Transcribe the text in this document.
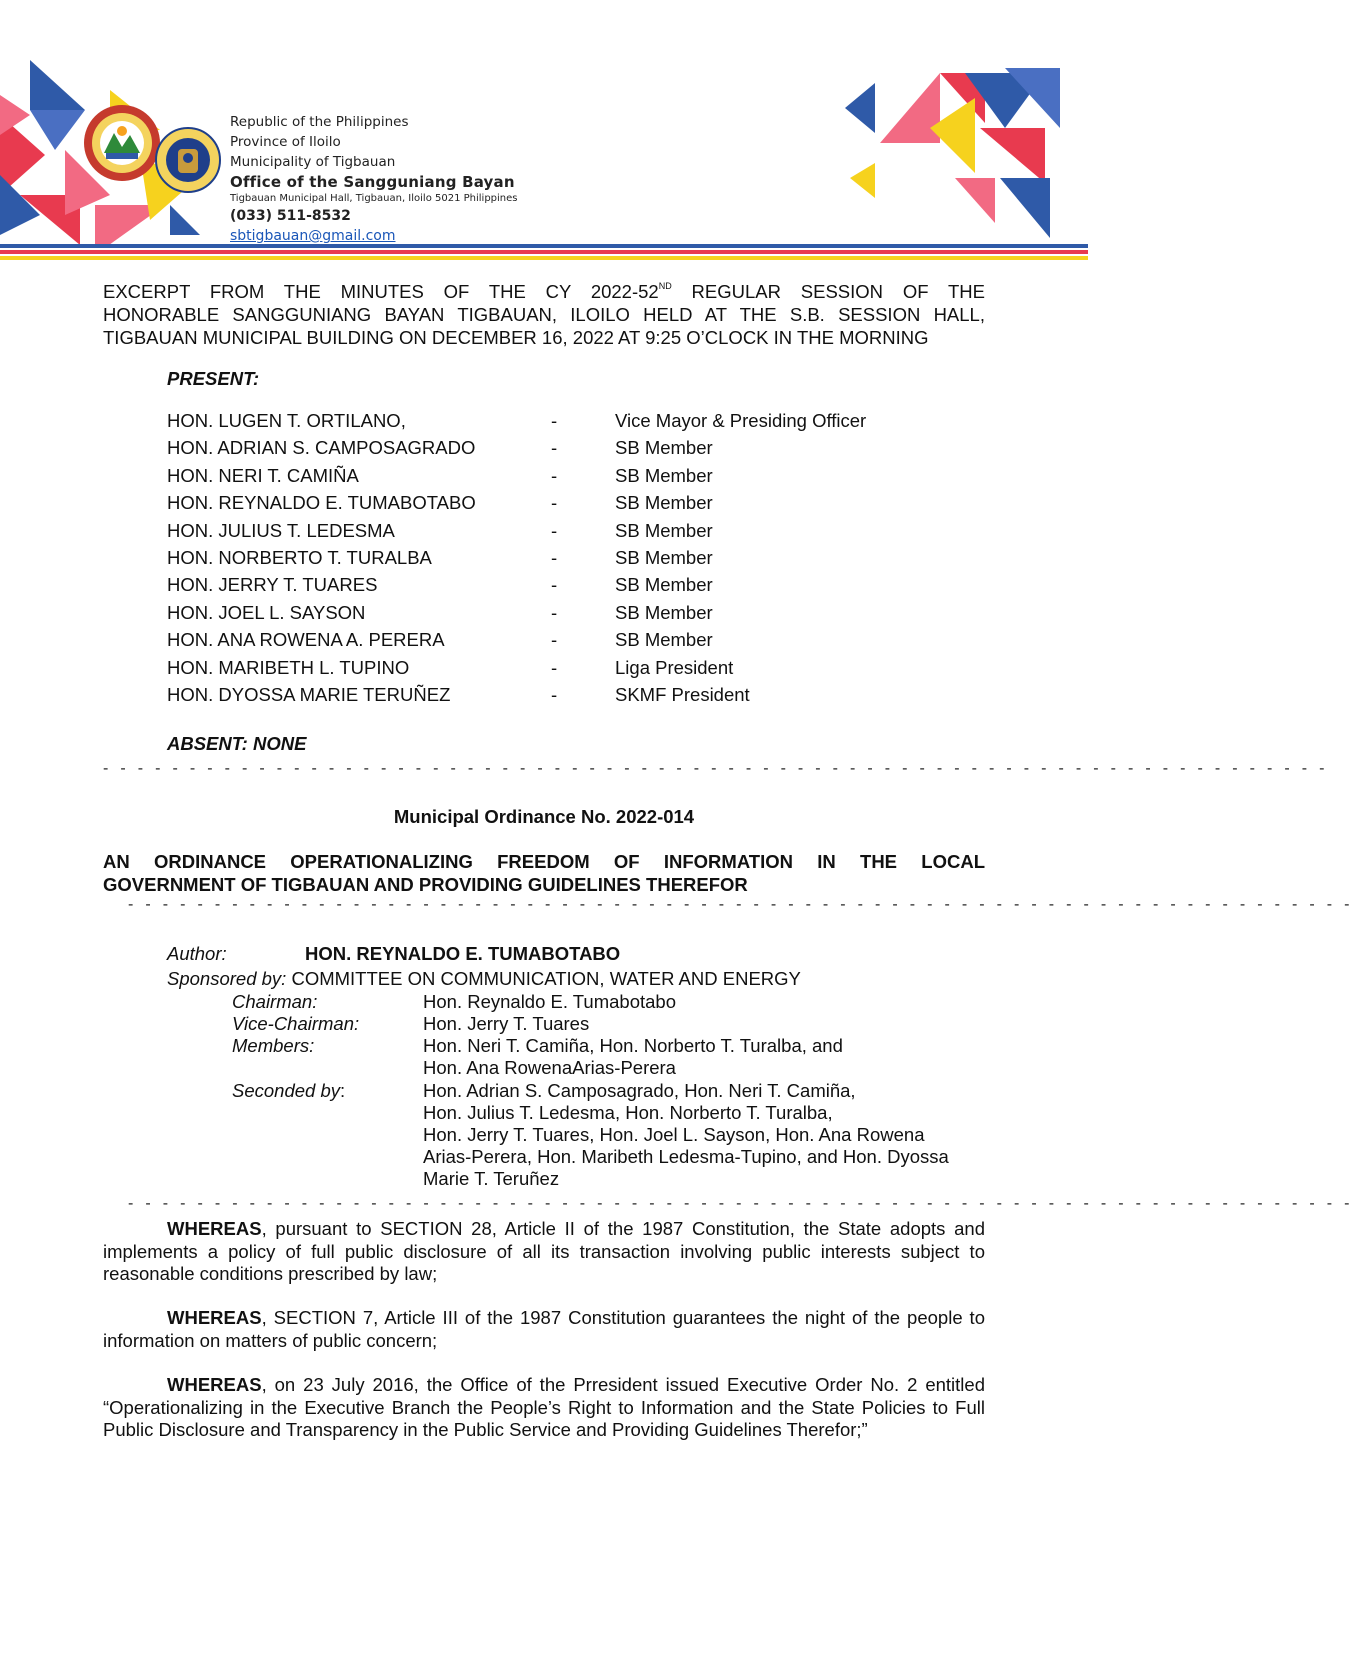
Republic of the Philippines
Province of Iloilo
Municipality of Tigbauan
Office of the Sangguniang Bayan
Tigbauan Municipal Hall, Tigbauan, Iloilo 5021 Philippines
(033) 511-8532
sbtigbauan@gmail.com
EXCERPT FROM THE MINUTES OF THE CY 2022-52ND REGULAR SESSION OF THE
HONORABLE SANGGUNIANG BAYAN TIGBAUAN, ILOILO HELD AT THE S.B. SESSION HALL,
TIGBAUAN MUNICIPAL BUILDING ON DECEMBER 16, 2022 AT 9:25 O’CLOCK IN THE MORNING
PRESENT:
HON. LUGEN T. ORTILANO,	-	Vice Mayor & Presiding Officer
HON. ADRIAN S. CAMPOSAGRADO	-	SB Member
HON. NERI T. CAMIÑA	-	SB Member
HON. REYNALDO E. TUMABOTABO	-	SB Member
HON. JULIUS T. LEDESMA	-	SB Member
HON. NORBERTO T. TURALBA	-	SB Member
HON. JERRY T. TUARES	-	SB Member
HON. JOEL L. SAYSON	-	SB Member
HON. ANA ROWENA A. PERERA	-	SB Member
HON. MARIBETH L. TUPINO	-	Liga President
HON. DYOSSA MARIE TERUÑEZ	-	SKMF President
ABSENT: NONE
- - - - - - - - - - - - - - - - - - - - - - - - - - - - - - - - - - - - - - - - - - - - - - - - - - - - - - - - - - - - - - - - - - - - - - -
Municipal Ordinance No. 2022-014
AN ORDINANCE OPERATIONALIZING FREEDOM OF INFORMATION IN THE LOCAL
GOVERNMENT OF TIGBAUAN AND PROVIDING GUIDELINES THEREFOR
- - - - - - - - - - - - - - - - - - - - - - - - - - - - - - - - - - - - - - - - - - - - - - - - - - - - - - - - - - - - - - - - - - - - - - -
Author:	HON. REYNALDO E. TUMABOTABO
Sponsored by: COMMITTEE ON COMMUNICATION, WATER AND ENERGY
Chairman:	Hon. Reynaldo E. Tumabotabo
Vice-Chairman:	Hon. Jerry T. Tuares
Members:	Hon. Neri T. Camiña, Hon. Norberto T. Turalba, and
Hon. Ana RowenaArias-Perera
Seconded by:	Hon. Adrian S. Camposagrado, Hon. Neri T. Camiña,
Hon. Julius T. Ledesma, Hon. Norberto T. Turalba,
Hon. Jerry T. Tuares, Hon. Joel L. Sayson, Hon. Ana Rowena
Arias-Perera, Hon. Maribeth Ledesma-Tupino, and Hon. Dyossa
Marie T. Teruñez
- - - - - - - - - - - - - - - - - - - - - - - - - - - - - - - - - - - - - - - - - - - - - - - - - - - - - - - - - - - - - - - - - - - - - - -
WHEREAS, pursuant to SECTION 28, Article II of the 1987 Constitution, the State adopts and implements a policy of full public disclosure of all its transaction involving public interests subject to reasonable conditions prescribed by law;
WHEREAS, SECTION 7, Article III of the 1987 Constitution guarantees the night of the people to information on matters of public concern;
WHEREAS, on 23 July 2016, the Office of the Prresident issued Executive Order No. 2 entitled “Operationalizing in the Executive Branch the People’s Right to Information and the State Policies to Full Public Disclosure and Transparency in the Public Service and Providing Guidelines Therefor;”
